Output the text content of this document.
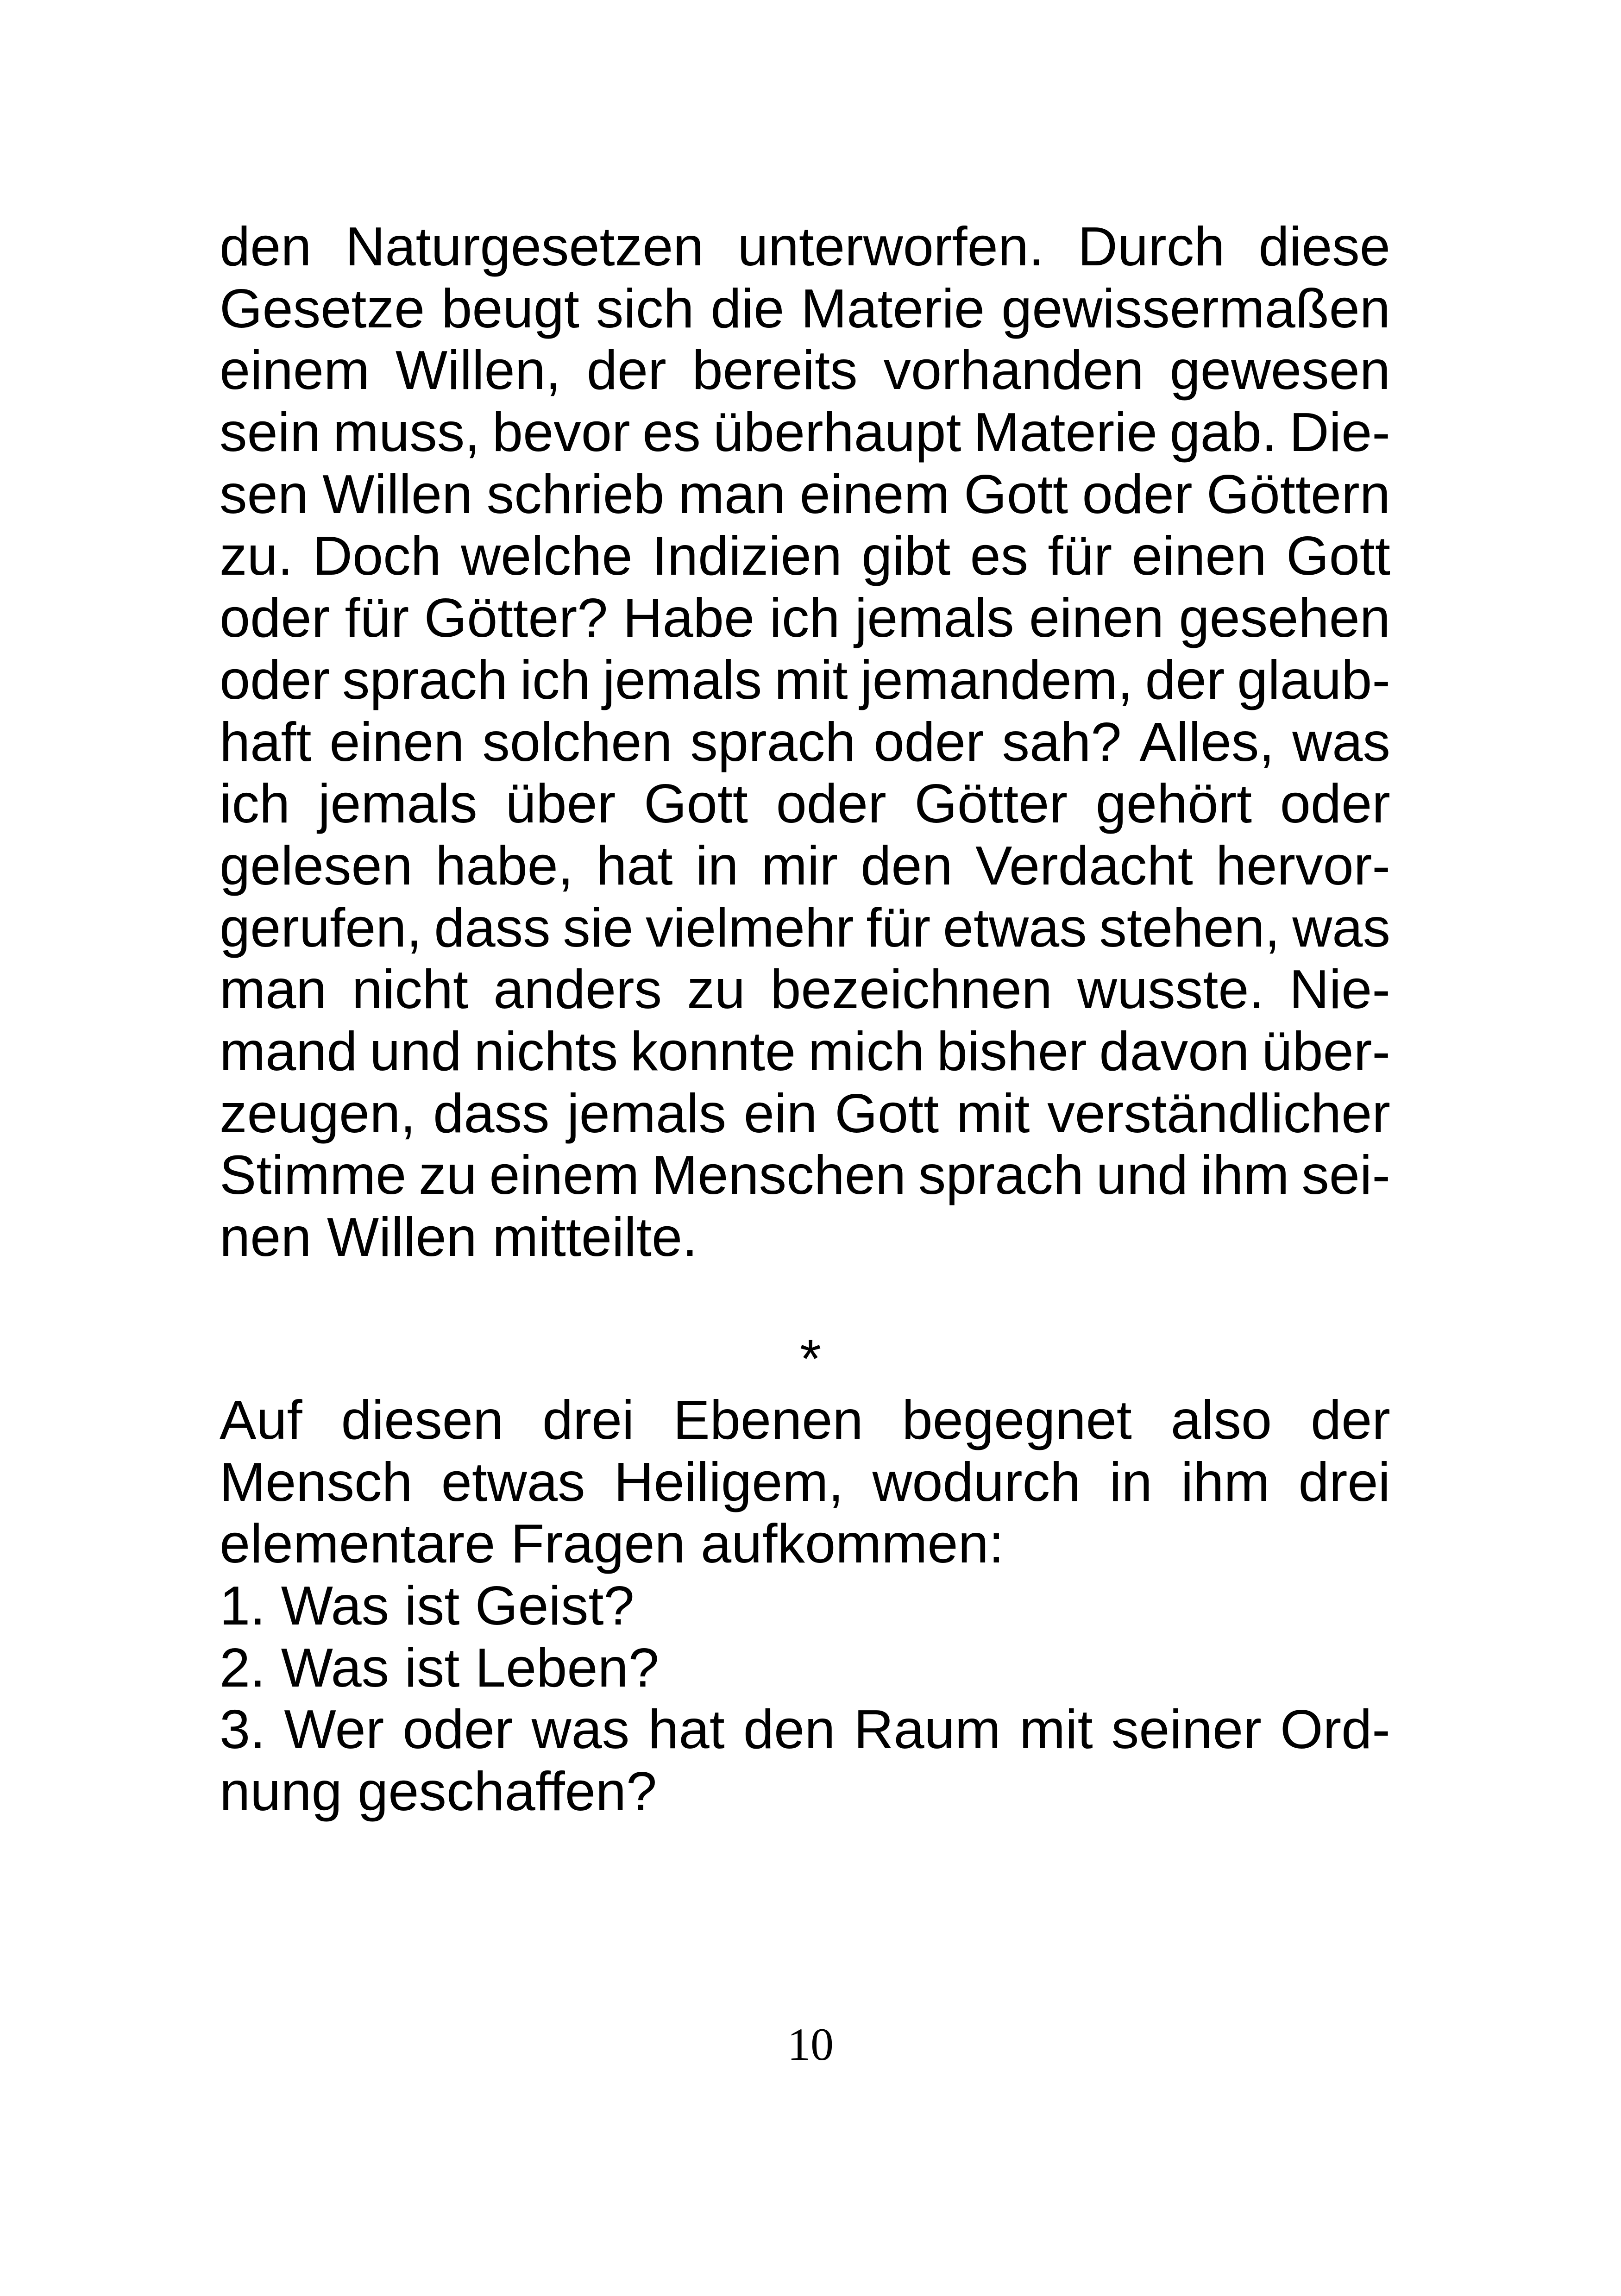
den Naturgesetzen unterworfen. Durch diese
Gesetze beugt sich die Materie gewissermaßen
einem Willen, der bereits vorhanden gewesen
sein muss, bevor es überhaupt Materie gab. Die-
sen Willen schrieb man einem Gott oder Göttern
zu. Doch welche Indizien gibt es für einen Gott
oder für Götter? Habe ich jemals einen gesehen
oder sprach ich jemals mit jemandem, der glaub-
haft einen solchen sprach oder sah? Alles, was
ich jemals über Gott oder Götter gehört oder
gelesen habe, hat in mir den Verdacht hervor-
gerufen, dass sie vielmehr für etwas stehen, was
man nicht anders zu bezeichnen wusste. Nie-
mand und nichts konnte mich bisher davon über-
zeugen, dass jemals ein Gott mit verständlicher
Stimme zu einem Menschen sprach und ihm sei-
nen Willen mitteilte.
*
Auf diesen drei Ebenen begegnet also der
Mensch etwas Heiligem, wodurch in ihm drei
elementare Fragen aufkommen:
1. Was ist Geist?
2. Was ist Leben?
3. Wer oder was hat den Raum mit seiner Ord-
nung geschaffen?
10
